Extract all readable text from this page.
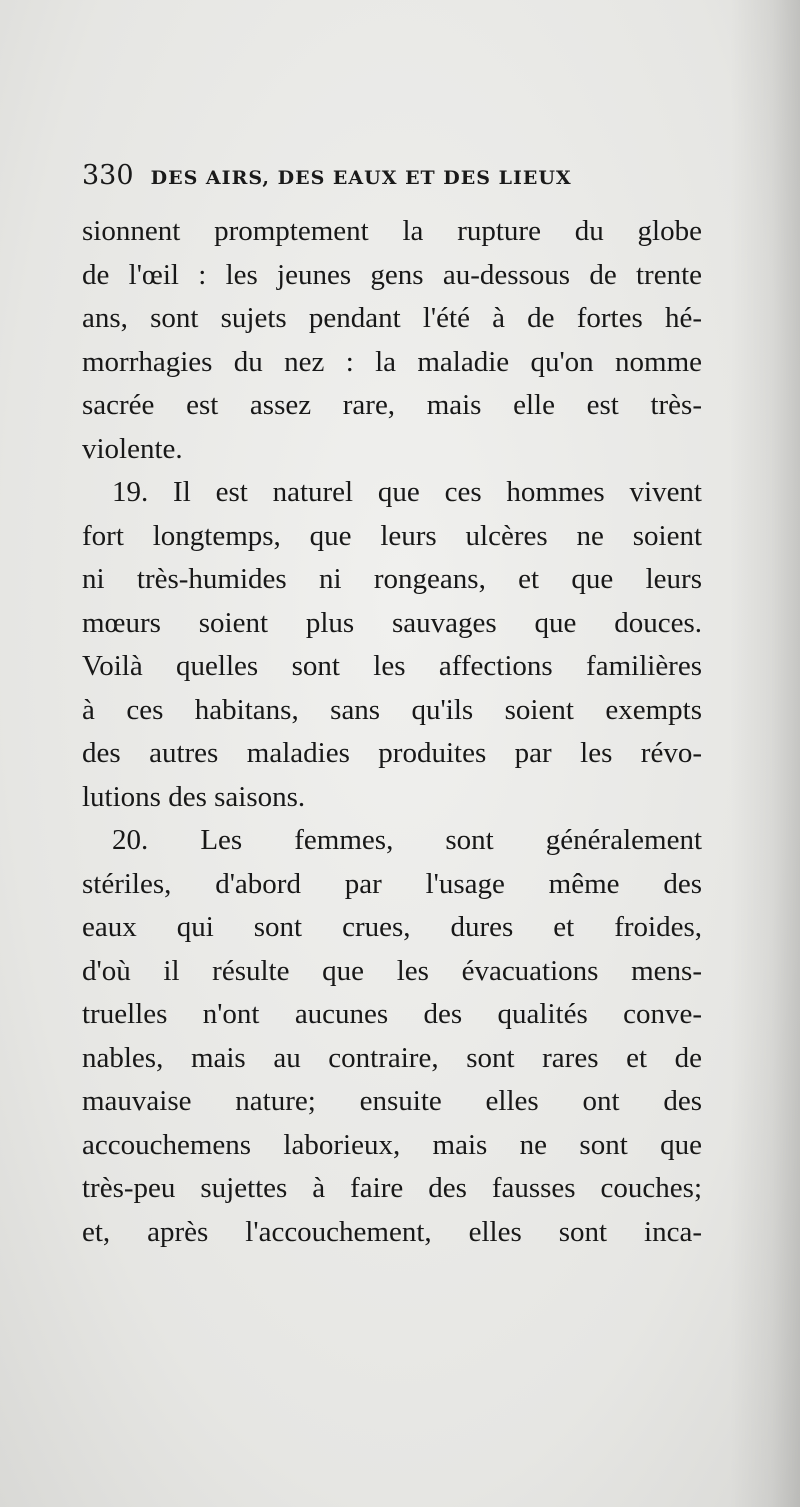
330 DES AIRS, DES EAUX ET DES LIEUX
sionnent promptement la rupture du globe
de l'œil : les jeunes gens au-dessous de trente
ans, sont sujets pendant l'été à de fortes hé-
morrhagies du nez : la maladie qu'on nomme
sacrée est assez rare, mais elle est très-
violente.
19. Il est naturel que ces hommes vivent
fort longtemps, que leurs ulcères ne soient
ni très-humides ni rongeans, et que leurs
mœurs soient plus sauvages que douces.
Voilà quelles sont les affections familières
à ces habitans, sans qu'ils soient exempts
des autres maladies produites par les révo-
lutions des saisons.
20. Les femmes, sont généralement
stériles, d'abord par l'usage même des
eaux qui sont crues, dures et froides,
d'où il résulte que les évacuations mens-
truelles n'ont aucunes des qualités conve-
nables, mais au contraire, sont rares et de
mauvaise nature; ensuite elles ont des
accouchemens laborieux, mais ne sont que
très-peu sujettes à faire des fausses couches;
et, après l'accouchement, elles sont inca-
